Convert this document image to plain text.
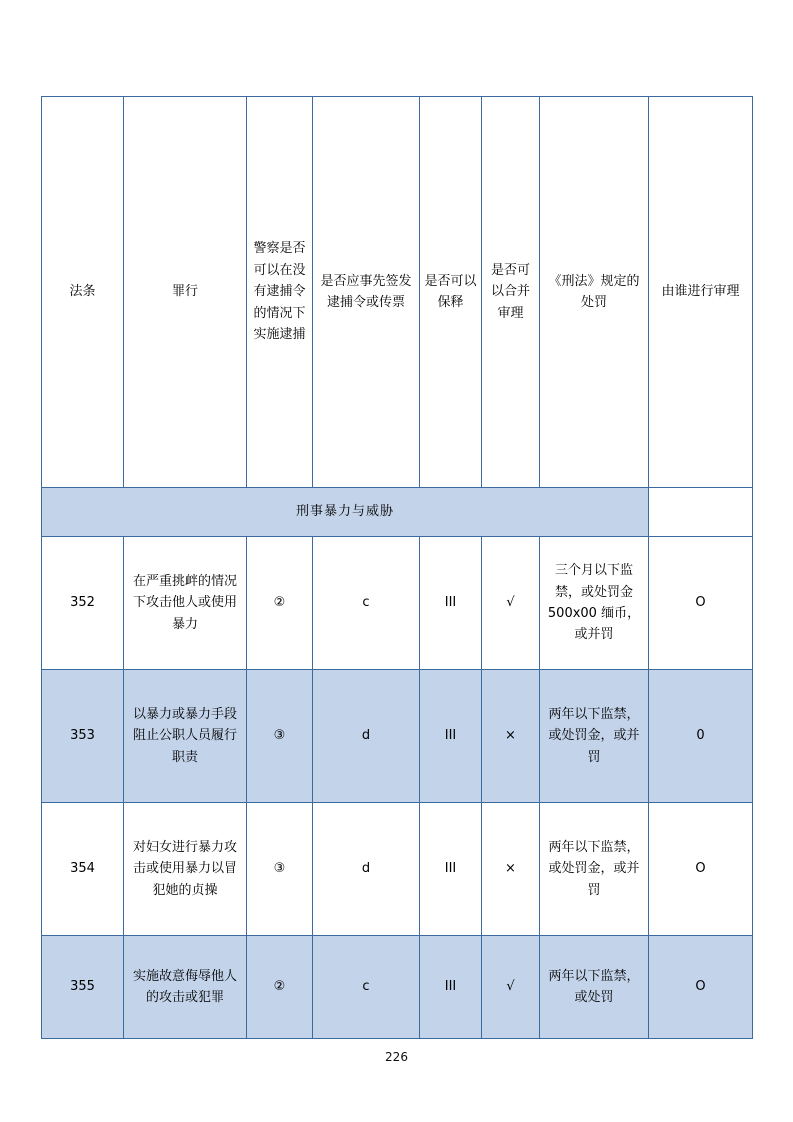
法条	罪行	警察是否可以在没有逮捕令的情况下实施逮捕	是否应事先签发逮捕令或传票	是否可以保释	是否可以合并审理	《刑法》规定的处罚	由谁进行审理
刑事暴力与威胁							
352	在严重挑衅的情况下攻击他人或使用暴力	②	c	III	√	三个月以下监禁，或处罚金 500x00 缅币，或并罚	O
353	以暴力或暴力手段阻止公职人员履行职责	③	d	III	×	两年以下监禁，或处罚金，或并罚	0
354	对妇女进行暴力攻击或使用暴力以冒犯她的贞操	③	d	III	×	两年以下监禁，或处罚金，或并罚	O
355	实施故意侮辱他人的攻击或犯罪	②	c	III	√	两年以下监禁，或处罚	O
226
